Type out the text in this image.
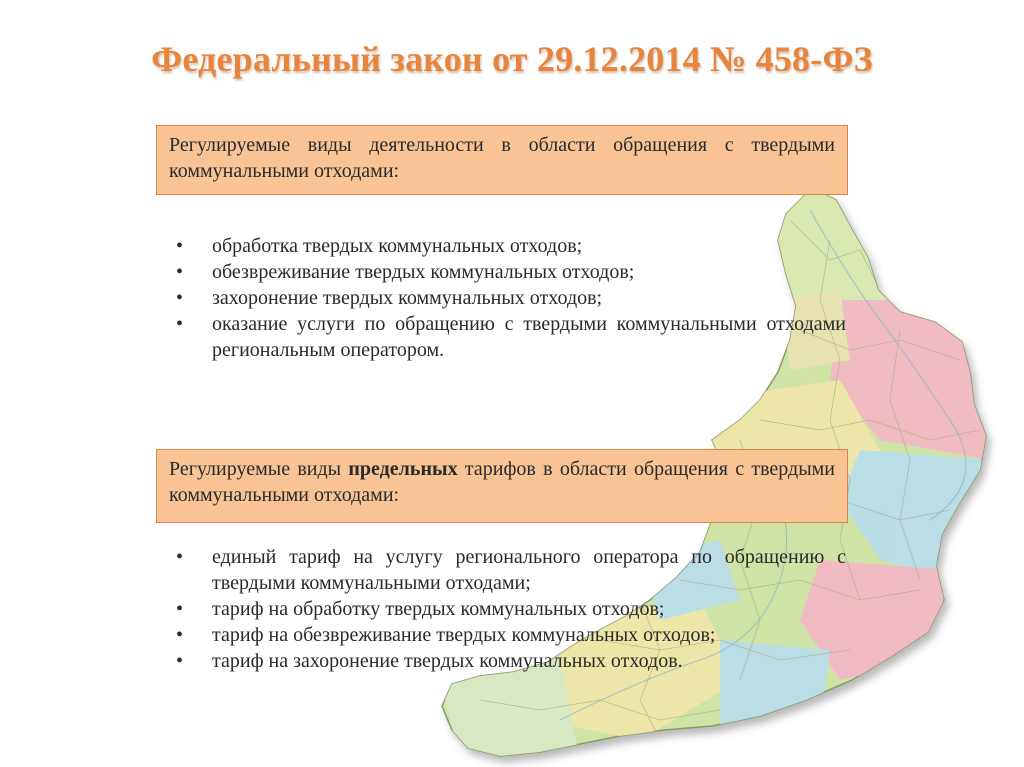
Федеральный закон от 29.12.2014 № 458-ФЗ
Регулируемые виды деятельности в области обращения с твердыми коммунальными отходами:
•	обработка твердых коммунальных отходов;
•	обезвреживание твердых коммунальных отходов;
•	захоронение твердых коммунальных отходов;
•	оказание услуги по обращению с твердыми коммунальными отходами региональным оператором.
Регулируемые виды предельных тарифов в области обращения с твердыми коммунальными отходами:
•	единый тариф на услугу регионального оператора по обращению с твердыми коммунальными отходами;
•	тариф на обработку твердых коммунальных отходов;
•	тариф на обезвреживание твердых коммунальных отходов;
•	тариф на захоронение твердых коммунальных отходов.
